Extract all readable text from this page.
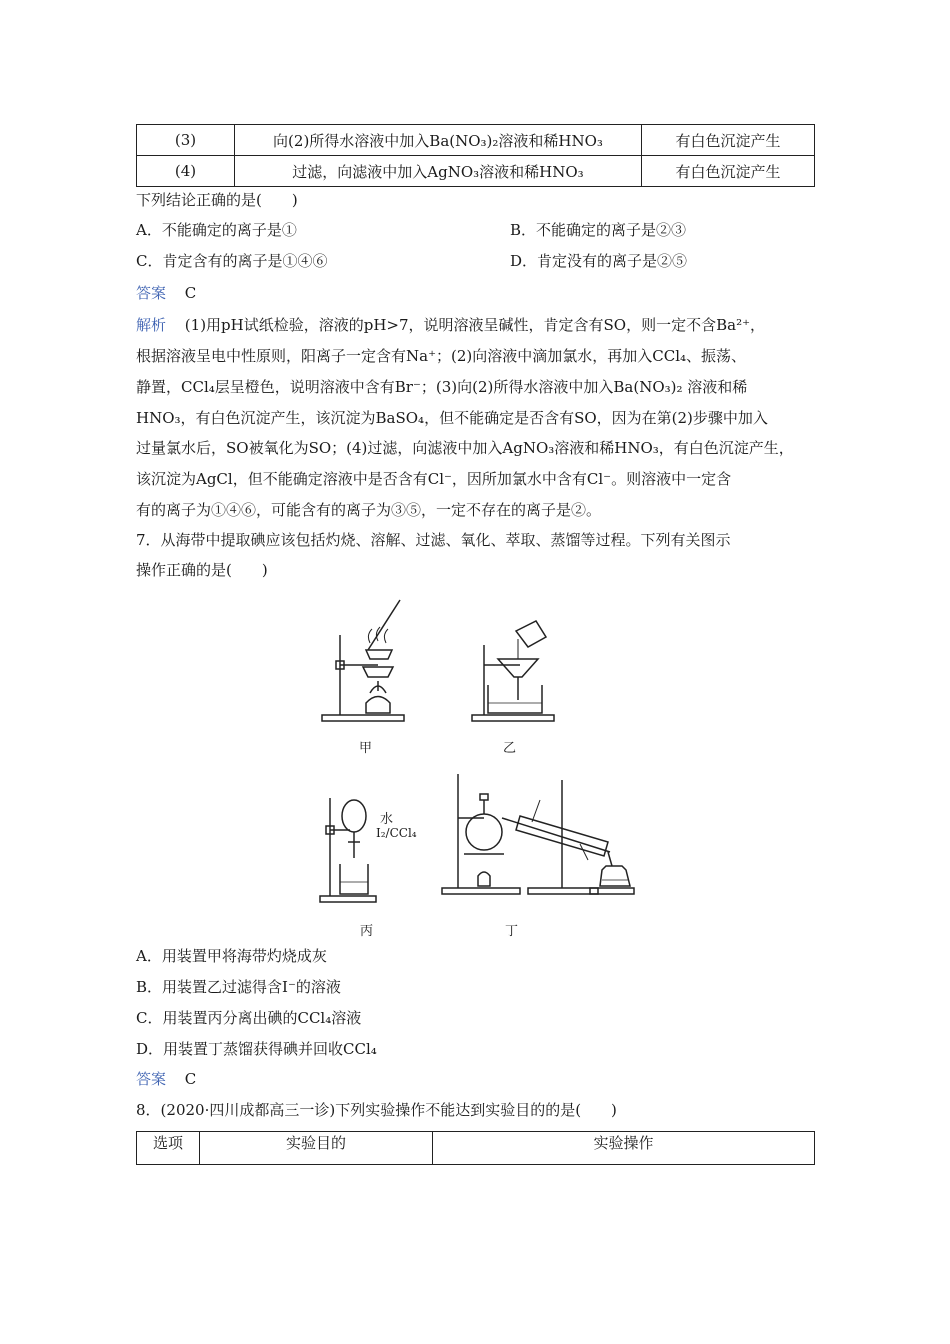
(3)	向(2)所得水溶液中加入Ba(NO₃)₂溶液和稀HNO₃	有白色沉淀产生
(4)	过滤，向滤液中加入AgNO₃溶液和稀HNO₃	有白色沉淀产生
下列结论正确的是(　　)
A．不能确定的离子是①	B．不能确定的离子是②③
C．肯定含有的离子是①④⑥	D．肯定没有的离子是②⑤
答案 C
解析 (1)用pH试纸检验，溶液的pH>7，说明溶液呈碱性，肯定含有SO，则一定不含Ba²⁺，
根据溶液呈电中性原则，阳离子一定含有Na⁺；(2)向溶液中滴加氯水，再加入CCl₄、振荡、
静置，CCl₄层呈橙色，说明溶液中含有Br⁻；(3)向(2)所得水溶液中加入Ba(NO₃)₂ 溶液和稀
HNO₃，有白色沉淀产生，该沉淀为BaSO₄，但不能确定是否含有SO，因为在第(2)步骤中加入
过量氯水后，SO被氧化为SO；(4)过滤，向滤液中加入AgNO₃溶液和稀HNO₃，有白色沉淀产生，
该沉淀为AgCl，但不能确定溶液中是否含有Cl⁻，因所加氯水中含有Cl⁻。则溶液中一定含
有的离子为①④⑥，可能含有的离子为③⑤，一定不存在的离子是②。
7．从海带中提取碘应该包括灼烧、溶解、过滤、氧化、萃取、蒸馏等过程。下列有关图示
操作正确的是(　　)
甲	乙
水
I₂/CCl₄
丙	丁
A．用装置甲将海带灼烧成灰
B．用装置乙过滤得含I⁻的溶液
C．用装置丙分离出碘的CCl₄溶液
D．用装置丁蒸馏获得碘并回收CCl₄
答案 C
8．(2020·四川成都高三一诊)下列实验操作不能达到实验目的的是(　　)
选项	实验目的	实验操作
